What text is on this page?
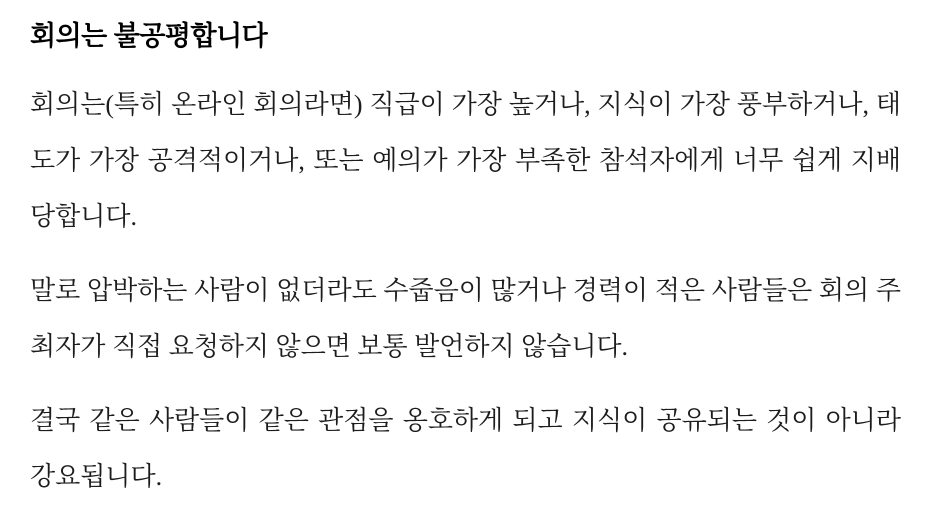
회의는 불공평합니다

회의는(특히 온라인 회의라면) 직급이 가장 높거나, 지식이 가장 풍부하거나, 태도가 가장 공격적이거나, 또는 예의가 가장 부족한 참석자에게 너무 쉽게 지배당합니다.

말로 압박하는 사람이 없더라도 수줍음이 많거나 경력이 적은 사람들은 회의 주최자가 직접 요청하지 않으면 보통 발언하지 않습니다.

결국 같은 사람들이 같은 관점을 옹호하게 되고 지식이 공유되는 것이 아니라 강요됩니다.
